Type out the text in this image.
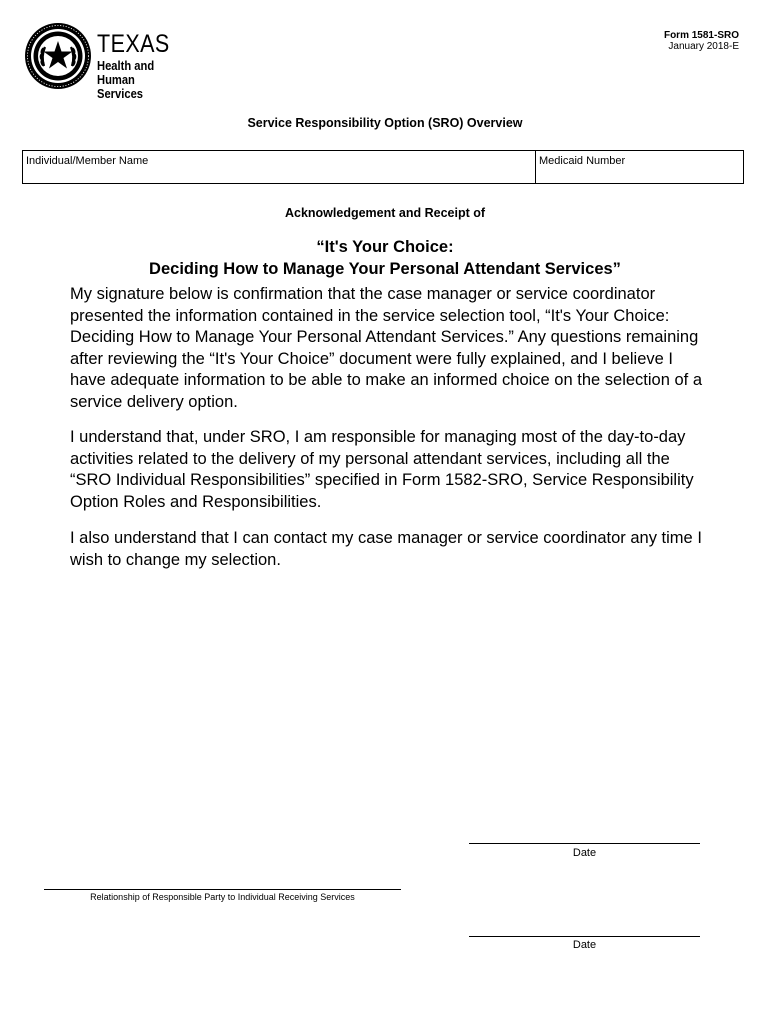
TEXAS
Health and Human
Services
Form 1581-SRO
January 2018-E
Service Responsibility Option (SRO) Overview
Individual/Member Name	Medicaid Number
Acknowledgement and Receipt of
“It's Your Choice:
Deciding How to Manage Your Personal Attendant Services”
My signature below is confirmation that the case manager or service coordinator presented the information contained in the service selection tool, “It's Your Choice: Deciding How to Manage Your Personal Attendant Services.” Any questions remaining after reviewing the “It's Your Choice” document were fully explained, and I believe I have adequate information to be able to make an informed choice on the selection of a service delivery option.
I understand that, under SRO, I am responsible for managing most of the day-to-day activities related to the delivery of my personal attendant services, including all the “SRO Individual Responsibilities” specified in Form 1582-SRO, Service Responsibility Option Roles and Responsibilities.
I also understand that I can contact my case manager or service coordinator any time I wish to change my selection.
Date
Relationship of Responsible Party to Individual Receiving Services
Date
